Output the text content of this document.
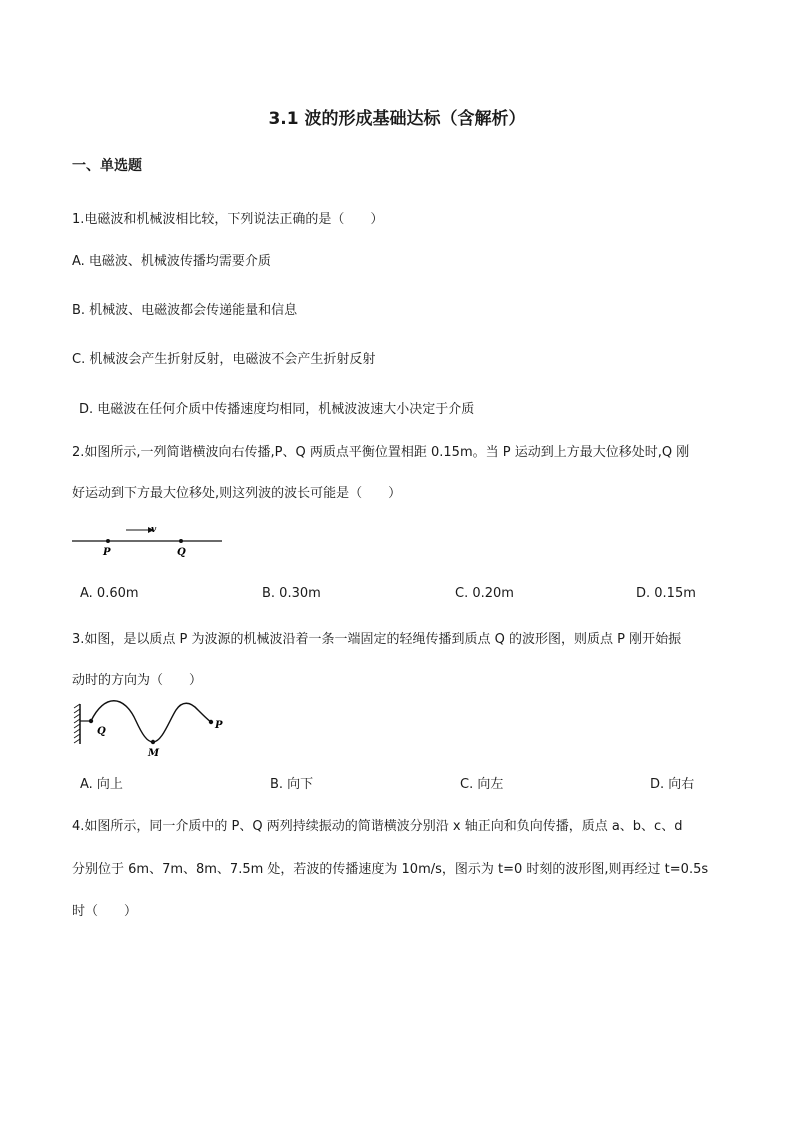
3.1 波的形成基础达标（含解析）
一、单选题
1.电磁波和机械波相比较，下列说法正确的是（　　）
A. 电磁波、机械波传播均需要介质
B. 机械波、电磁波都会传递能量和信息
C. 机械波会产生折射反射，电磁波不会产生折射反射
D. 电磁波在任何介质中传播速度均相同，机械波波速大小决定于介质
2.如图所示,一列简谐横波向右传播,P、Q 两质点平衡位置相距 0.15m。当 P 运动到上方最大位移处时,Q 刚
好运动到下方最大位移处,则这列波的波长可能是（　　）
v
P	Q
A. 0.60m	B. 0.30m	C. 0.20m	D. 0.15m
3.如图，是以质点 P 为波源的机械波沿着一条一端固定的轻绳传播到质点 Q 的波形图，则质点 P 刚开始振
动时的方向为（　　）
Q
M
P
A. 向上	B. 向下	C. 向左	D. 向右
4.如图所示，同一介质中的 P、Q 两列持续振动的简谐横波分别沿 x 轴正向和负向传播，质点 a、b、c、d
分别位于 6m、7m、8m、7.5m 处，若波的传播速度为 10m/s，图示为 t=0 时刻的波形图,则再经过 t=0.5s
时（　　）
